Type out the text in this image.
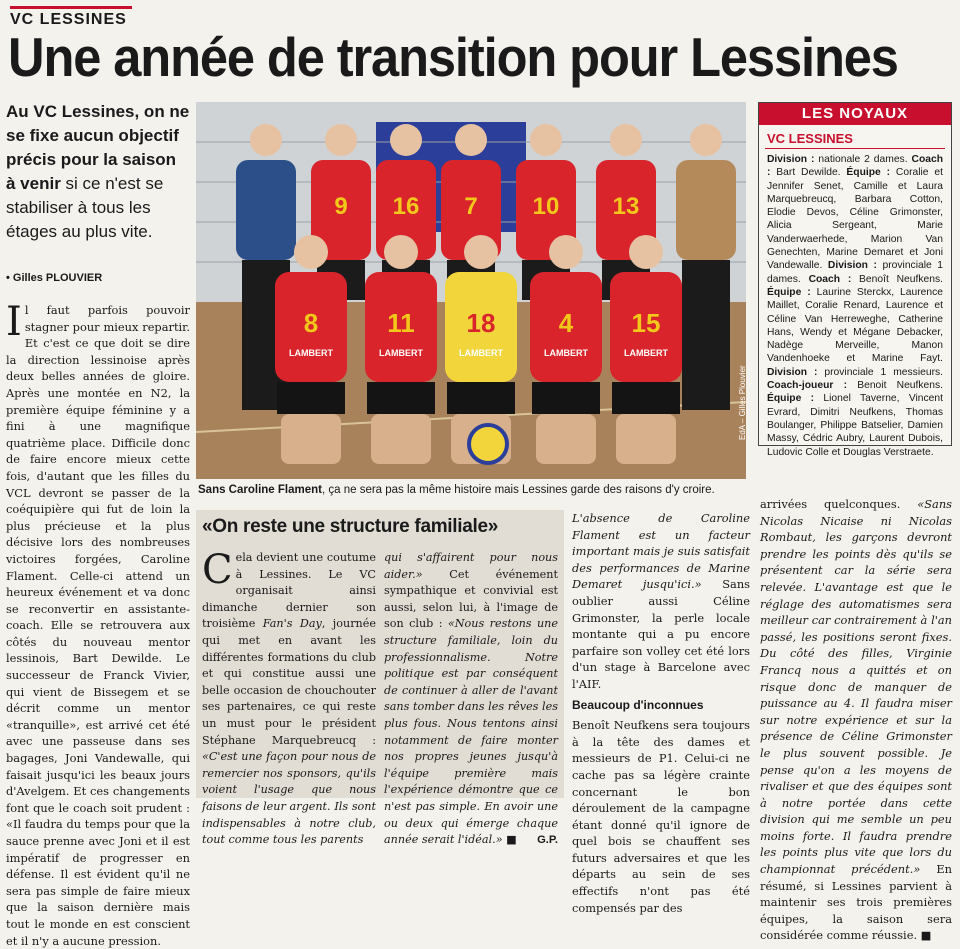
VC LESSINES
Une année de transition pour Lessines

Au VC Lessines, on ne se fixe aucun objectif précis pour la saison à venir si ce n'est se stabiliser à tous les étages au plus vite.

• Gilles PLOUVIER
Il faut parfois pouvoir stagner pour mieux repartir. Et c'est ce que doit se dire la direction lessinoise après deux belles années de gloire. Après une montée en N2, la première équipe féminine y a fini à une magnifique quatrième place. Difficile donc de faire encore mieux cette fois, d'autant que les filles du VCL devront se passer de la coéquipière qui fut de loin la plus précieuse et la plus décisive lors des nombreuses victoires forgées, Caroline Flament. Celle-ci attend un heureux événement et va donc se reconvertir en assistante-coach. Elle se retrouvera aux côtés du nouveau mentor lessinois, Bart Dewilde. Le successeur de Franck Vivier, qui vient de Bissegem et se décrit comme un mentor «tranquille», est arrivé cet été avec une passeuse dans ses bagages, Joni Vandewalle, qui faisait jusqu'ici les beaux jours d'Avelgem. Et ces changements font que le coach soit prudent : «Il faudra du temps pour que la sauce prenne avec Joni et il est impératif de progresser en défense. Il est évident qu'il ne sera pas simple de faire mieux que la saison dernière mais tout le monde en est conscient et il n'y a aucune pression.
9 16 7 10 13
8
LAMBERT
11
LAMBERT
18
LAMBERT
4
LAMBERT
15
LAMBERT
EdA – Gilles Plouvier

Sans Caroline Flament, ça ne sera pas la même histoire mais Lessines garde des raisons d'y croire.

LES NOYAUX
VC LESSINES
Division : nationale 2 dames. Coach : Bart Dewilde. Équipe : Coralie et Jennifer Senet, Camille et Laura Marquebreucq, Barbara Cotton, Elodie Devos, Céline Grimonster, Alicia Sergeant, Marie Vanderwaerhede, Marion Van Genechten, Marine Demaret et Joni Vandewalle. Division : provinciale 1 dames. Coach : Benoît Neufkens. Équipe : Laurine Sterckx, Laurence Maillet, Coralie Renard, Laurence et Céline Van Herreweghe, Catherine Hans, Wendy et Mégane Debacker, Nadège Merveille, Manon Vandenhoeke et Marine Fayt. Division : provinciale 1 messieurs. Coach-joueur : Benoit Neufkens. Équipe : Lionel Taverne, Vincent Evrard, Dimitri Neufkens, Thomas Boulanger, Philippe Batselier, Damien Massy, Cédric Aubry, Laurent Dubois, Ludovic Colle et Douglas Verstraete.
«On reste une structure familiale»
Cela devient une coutume à Lessines. Le VC organisait ainsi dimanche dernier son troisième Fan's Day, journée qui met en avant les différentes formations du club et qui constitue aussi une belle occasion de chouchouter ses partenaires, ce qui reste un must pour le président Stéphane Marquebreucq : «C'est une façon pour nous de remercier nos sponsors, qu'ils voient l'usage que nous faisons de leur argent. Ils sont indispensables à notre club, tout comme tous les parents
qui s'affairent pour nous aider.» Cet événement sympathique et convivial est aussi, selon lui, à l'image de son club : «Nous restons une structure familiale, loin du professionnalisme. Notre politique est par conséquent de continuer à aller de l'avant sans tomber dans les rêves les plus fous. Nous tentons ainsi notamment de faire monter nos propres jeunes jusqu'à l'équipe première mais l'expérience démontre que ce n'est pas simple. En avoir une ou deux qui émerge chaque année serait l'idéal.» ■ G.P.

L'absence de Caroline Flament est un facteur important mais je suis satisfait des performances de Marine Demaret jusqu'ici.» Sans oublier aussi Céline Grimonster, la perle locale montante qui a pu encore parfaire son volley cet été lors d'un stage à Barcelone avec l'AIF.

Beaucoup d'inconnues

Benoît Neufkens sera toujours à la tête des dames et messieurs de P1. Celui-ci ne cache pas sa légère crainte concernant le bon déroulement de la campagne étant donné qu'il ignore de quel bois se chauffent ses futurs adversaires et que les départs au sein de ses effectifs n'ont pas été compensés par des

arrivées quelconques. «Sans Nicolas Nicaise ni Nicolas Rombaut, les garçons devront prendre les points dès qu'ils se présentent car la série sera relevée. L'avantage est que le réglage des automatismes sera meilleur car contrairement à l'an passé, les positions seront fixes. Du côté des filles, Virginie Francq nous a quittés et on risque donc de manquer de puissance au 4. Il faudra miser sur notre expérience et sur la présence de Céline Grimonster le plus souvent possible. Je pense qu'on a les moyens de rivaliser et que des équipes sont à notre portée dans cette division qui me semble un peu moins forte. Il faudra prendre les points plus vite que lors du championnat précédent.» En résumé, si Lessines parvient à maintenir ses trois premières équipes, la saison sera considérée comme réussie. ■
